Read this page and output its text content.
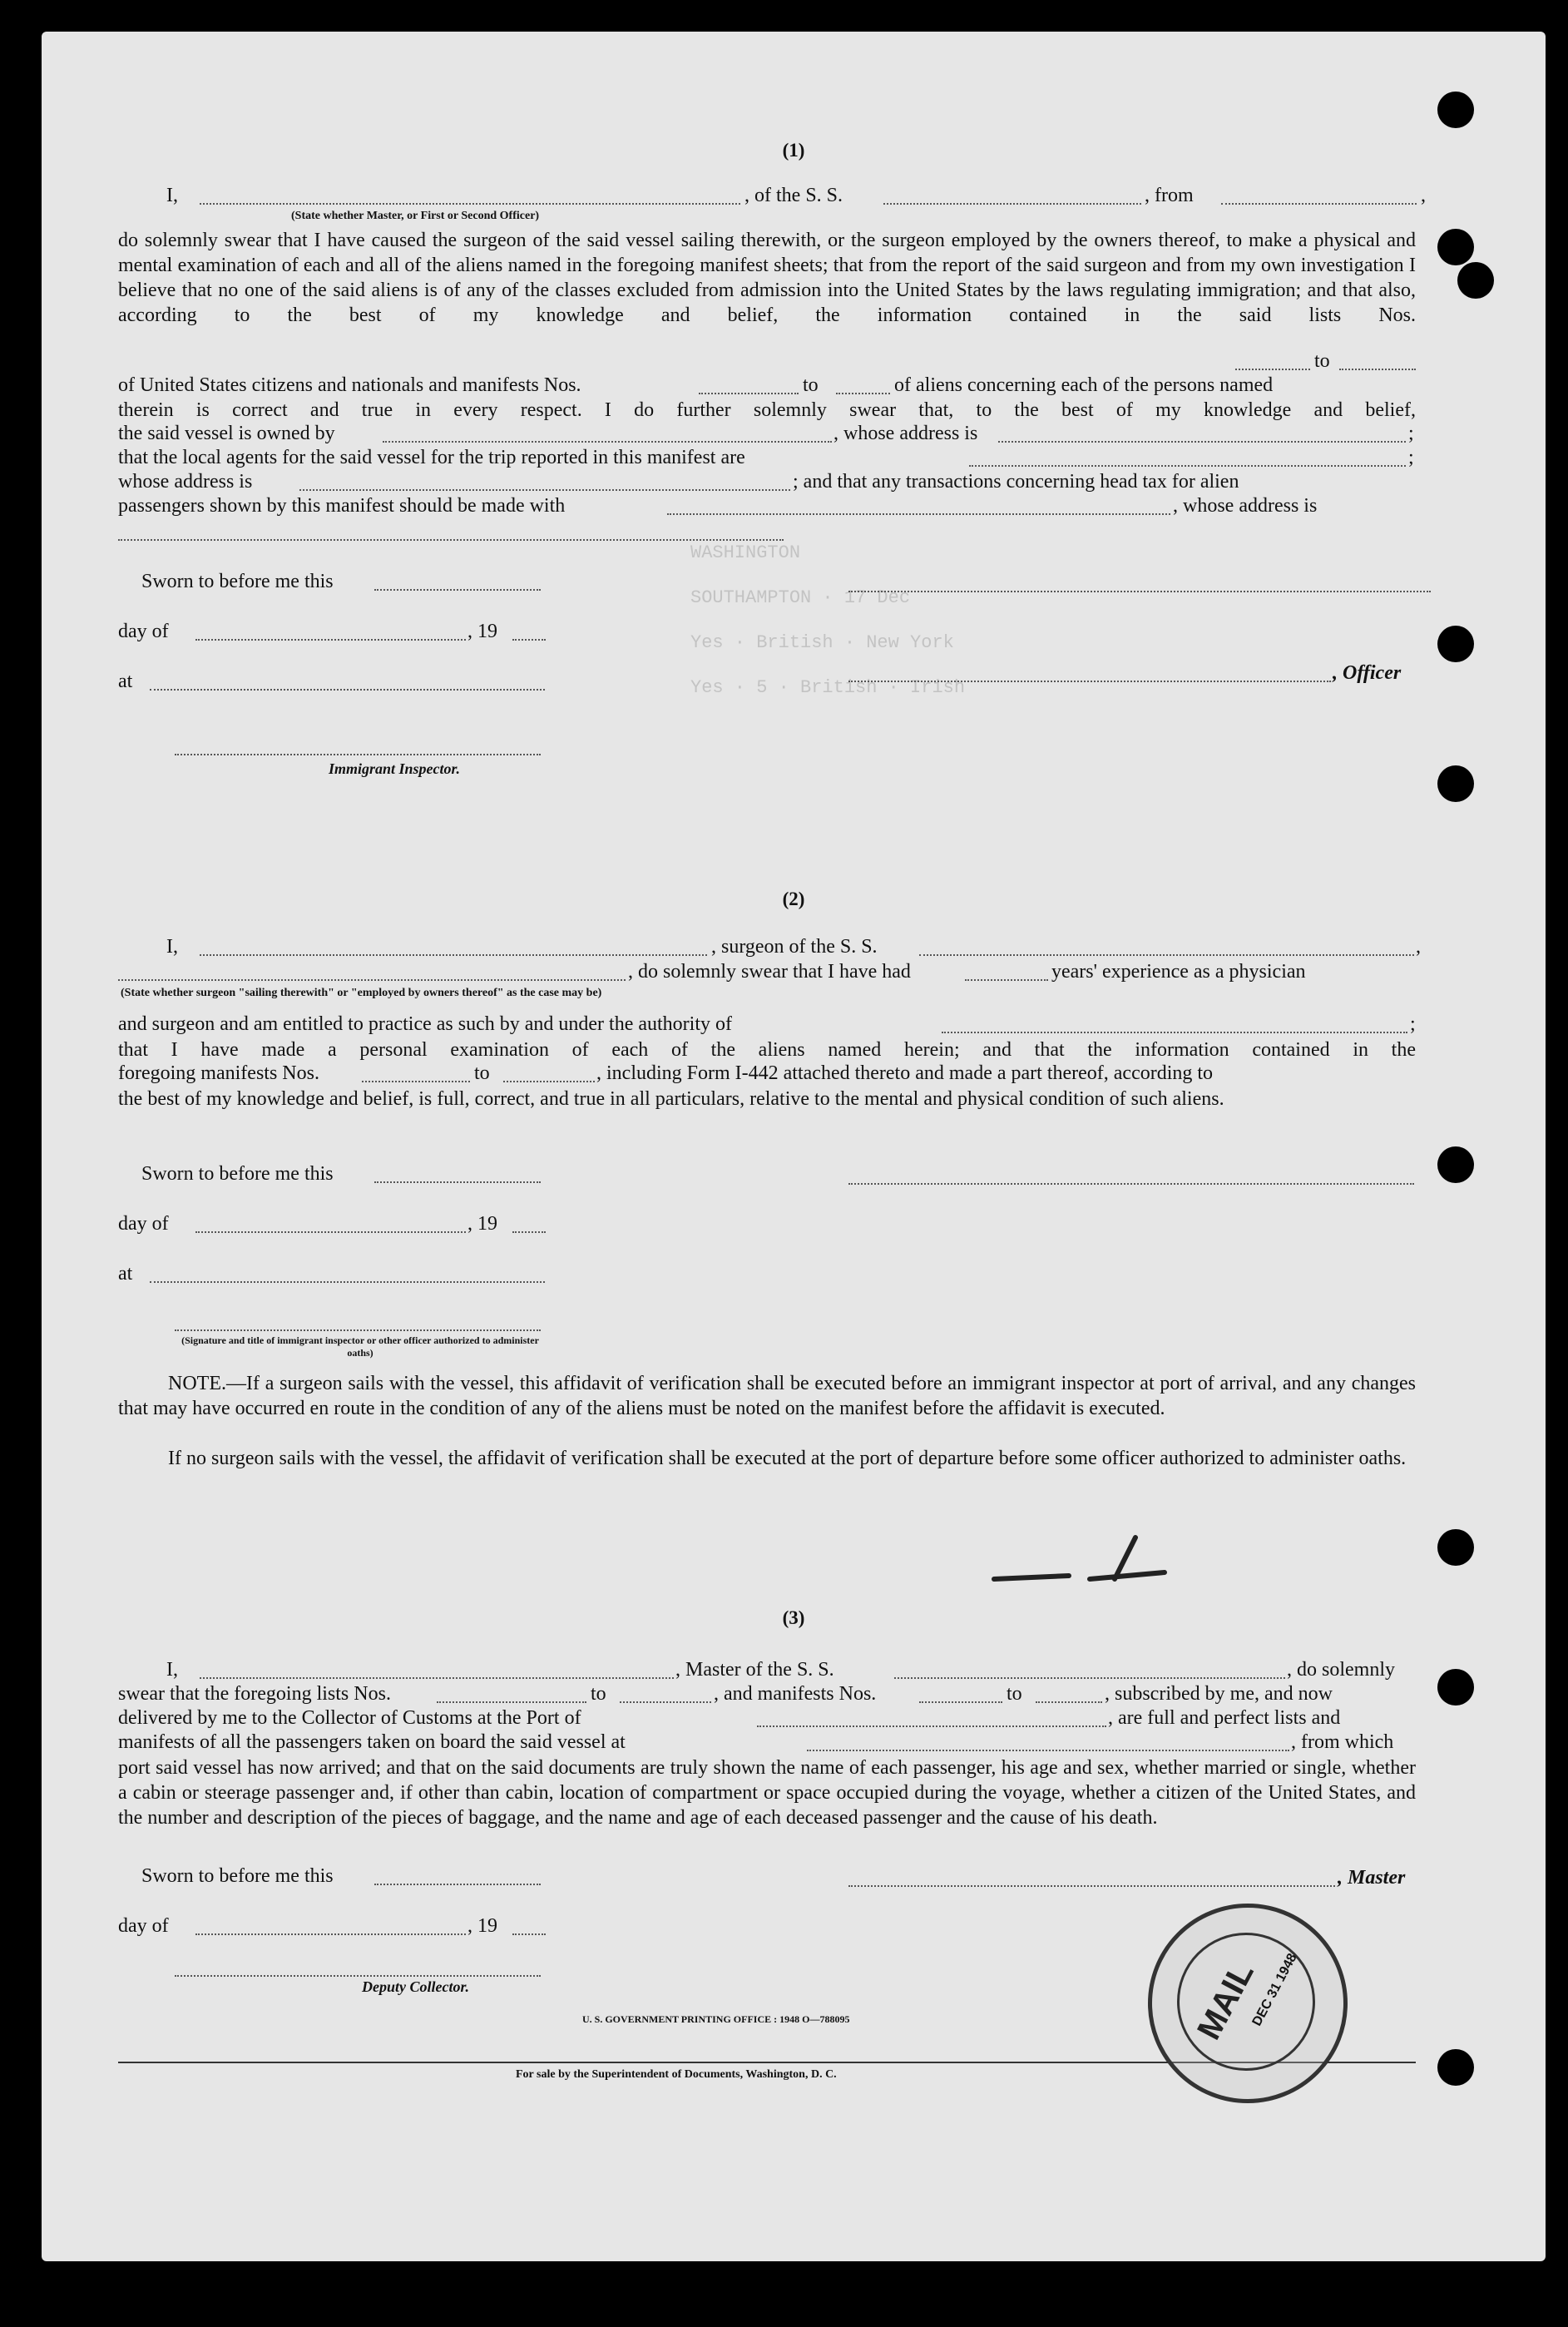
WASHINGTON
SOUTHAMPTON · 17 Dec
Yes · British · New York
Yes · 5 · British · Irish
(1)
I,	, of the S. S.	, from	,
(State whether Master, or First or Second Officer)
do solemnly swear that I have caused the surgeon of the said vessel sailing therewith, or the surgeon employed by the owners thereof, to make a physical and mental examination of each and all of the aliens named in the foregoing manifest sheets; that from the report of the said surgeon and from my own investigation I believe that no one of the said aliens is of any of the classes excluded from admission into the United States by the laws regulating immigration; and that also, according to the best of my knowledge and belief, the information contained in the said lists Nos.
to
of United States citizens and nationals and manifests Nos.	to	of aliens concerning each of the persons named
therein is correct and true in every respect. I do further solemnly swear that, to the best of my knowledge and belief,
the said vessel is owned by	, whose address is	;
that the local agents for the said vessel for the trip reported in this manifest are	;
whose address is	; and that any transactions concerning head tax for alien
passengers shown by this manifest should be made with	, whose address is
Sworn to before me this
day of	, 19
, Officer
at
Immigrant Inspector.
(2)
I,	, surgeon of the S. S.	,
, do solemnly swear that I have had	years' experience as a physician
(State whether surgeon "sailing therewith" or "employed by owners thereof" as the case may be)
and surgeon and am entitled to practice as such by and under the authority of	;
that I have made a personal examination of each of the aliens named herein; and that the information contained in the
foregoing manifests Nos.	to	, including Form I-442 attached thereto and made a part thereof, according to
the best of my knowledge and belief, is full, correct, and true in all particulars, relative to the mental and physical condition of such aliens.
Sworn to before me this
day of	, 19
at
(Signature and title of immigrant inspector or other officer authorized to administer oaths)
NOTE.—If a surgeon sails with the vessel, this affidavit of verification shall be executed before an immigrant inspector at port of arrival, and any changes that may have occurred en route in the condition of any of the aliens must be noted on the manifest before the affidavit is executed.
If no surgeon sails with the vessel, the affidavit of verification shall be executed at the port of departure before some officer authorized to administer oaths.
(3)
I,	, Master of the S. S.	, do solemnly
swear that the foregoing lists Nos.	to	, and manifests Nos.	to	, subscribed by me, and now
delivered by me to the Collector of Customs at the Port of	, are full and perfect lists and
manifests of all the passengers taken on board the said vessel at	, from which
port said vessel has now arrived; and that on the said documents are truly shown the name of each passenger, his age and sex, whether married or single, whether a cabin or steerage passenger and, if other than cabin, location of compartment or space occupied during the voyage, whether a citizen of the United States, and the number and description of the pieces of baggage, and the name and age of each deceased passenger and the cause of his death.
Sworn to before me this	, Master
day of	, 19
Deputy Collector.
U. S. GOVERNMENT PRINTING OFFICE : 1948 O—788095
For sale by the Superintendent of Documents, Washington, D. C.
MAIL
DEC 31 1948
